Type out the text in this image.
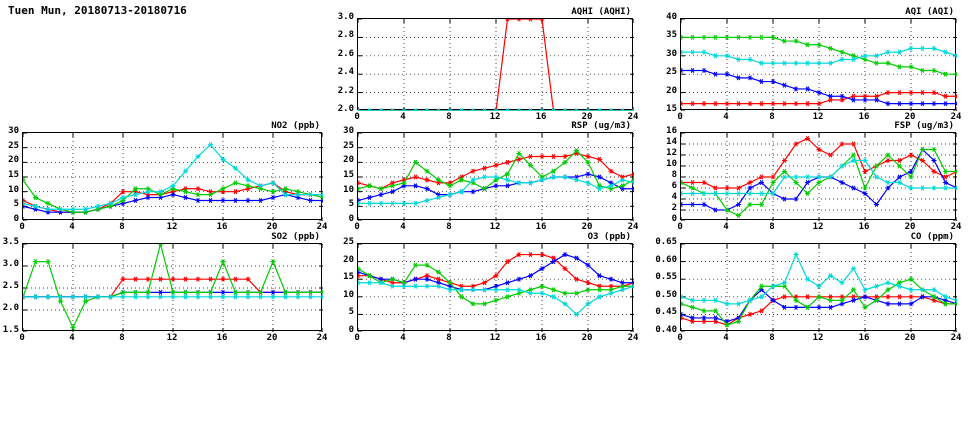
Tuen Mun, 20180713-20180716	AQHI (AQHI)
2.0
2.2
2.4
2.6
2.8
3.0
0	4	8	12	16	20	24
AQI (AQI)
15
20
25
30
35
40
0	4	8	12	16	20	24
NO2 (ppb)
0
5
10
15
20
25
30
0	4	8	12	16	20	24
RSP (ug/m3)
0
5
10
15
20
25
30
0	4	8	12	16	20	24
FSP (ug/m3)
0
2
4
6
8
10
12
14
16
0	4	8	12	16	20	24
SO2 (ppb)
1.5
2.0
2.5
3.0
3.5
0	4	8	12	16	20	24
O3 (ppb)
0
5
10
15
20
25
0	4	8	12	16	20	24
CO (ppm)
0.40
0.45
0.50
0.55
0.60
0.65
0	4	8	12	16	20	24
